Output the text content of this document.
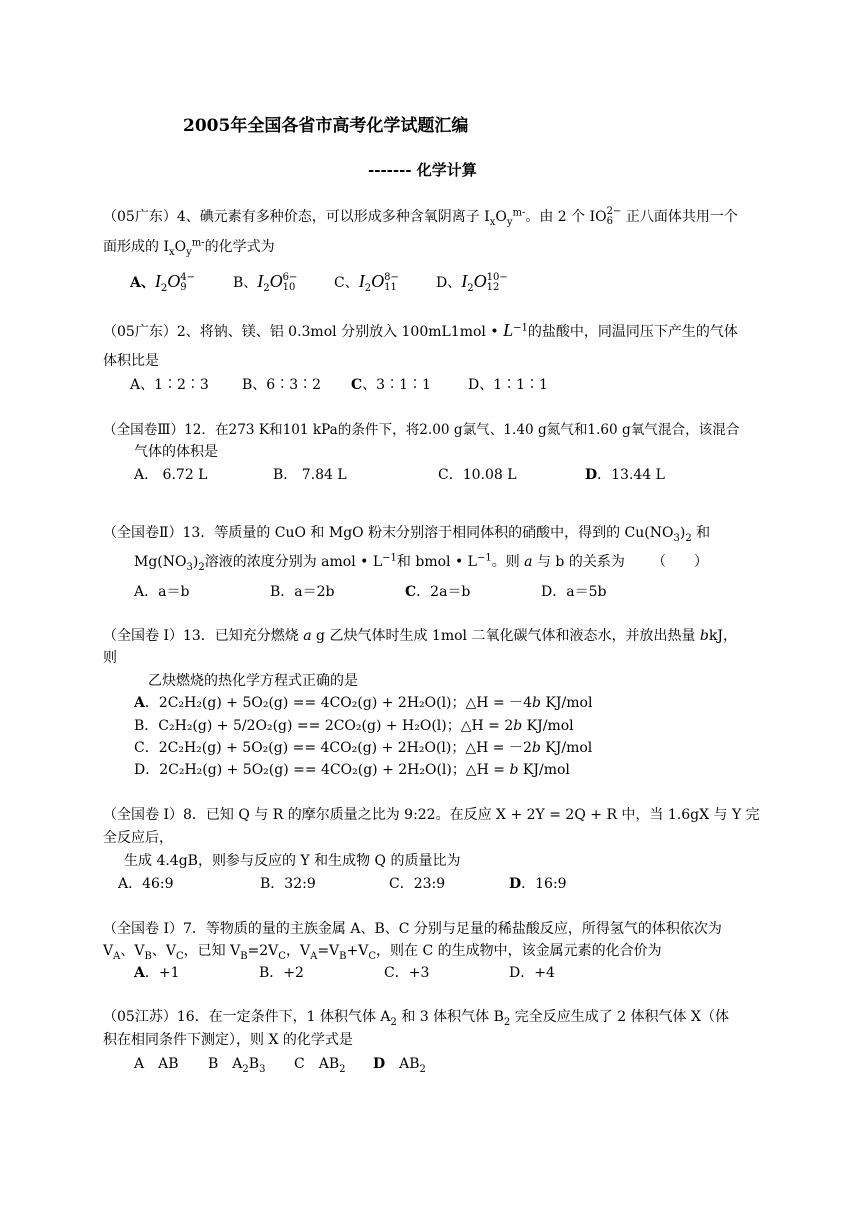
2005年全国各省市高考化学试题汇编
------- 化学计算
（05广东）4、碘元素有多种价态，可以形成多种含氧阴离子 $I_xO_y^{m-}$。由 2 个 IO 2−
6 正八面体共用一个
面形成的 $I_xO_y^{m-}$的化学式为
A、$I_2O$ 4−
9	B、$I_2O$ 6−
10	C、$I_2O$ 8−
11	D、$I_2O$ 10−
12
（05广东）2、将钠、镁、铝 0.3mol 分别放入 100mL1mol • $L^{-1}$的盐酸中，同温同压下产生的气体
体积比是
A、1∶2∶3 B、6∶3∶2 C、3∶1∶1	D、1∶1∶1
（全国卷Ⅲ）12．在273 K和101 kPa的条件下，将2.00 g氯气、1.40 g氮气和1.60 g氧气混合，该混合
气体的体积是
A． 6.72 L	B． 7.84 L	C．10.08 L	D．13.44 L
（全国卷Ⅱ）13．等质量的 CuO 和 MgO 粉末分别溶于相同体积的硝酸中，得到的 $Cu(NO_3)_2$ 和
$Mg(NO_3)_2$溶液的浓度分别为 amol • $L^{-1}$和 bmol • $L^{-1}$。则 a 与 b 的关系为 （　　）
A．a＝b	B．a＝2b	C．2a＝b	D．a＝5b
（全国卷 I）13．已知充分燃烧 a g 乙炔气体时生成 1mol 二氧化碳气体和液态水，并放出热量 bkJ，
则
乙炔燃烧的热化学方程式正确的是
A．2C₂H₂(g) + 5O₂(g) == 4CO₂(g) + 2H₂O(l)；△H = －4b KJ/mol
B．C₂H₂(g) + 5/2O₂(g) == 2CO₂(g) + H₂O(l)；△H = 2b KJ/mol
C．2C₂H₂(g) + 5O₂(g) == 4CO₂(g) + 2H₂O(l)；△H = －2b KJ/mol
D．2C₂H₂(g) + 5O₂(g) == 4CO₂(g) + 2H₂O(l)；△H = b KJ/mol
（全国卷 I）8．已知 Q 与 R 的摩尔质量之比为 9:22。在反应 X + 2Y = 2Q + R 中，当 1.6gX 与 Y 完
全反应后，
生成 4.4gB，则参与反应的 Y 和生成物 Q 的质量比为
A．46:9	B．32:9	C．23:9	D．16:9
（全国卷 I）7．等物质的量的主族金属 A、B、C 分别与足量的稀盐酸反应，所得氢气的体积依次为
$V_A$、$V_B$、$V_C$，已知 $V_B=2V_C$，$V_A=V_B+V_C$，则在 C 的生成物中，该金属元素的化合价为
A．+1	B．+2	C．+3	D．+4
（05江苏）16．在一定条件下，1 体积气体 $A_2$ 和 3 体积气体 $B_2$ 完全反应生成了 2 体积气体 X（体
积在相同条件下测定），则 X 的化学式是
A　AB B　$A_2B_3$ C　$AB_2$ D　$AB_2$
